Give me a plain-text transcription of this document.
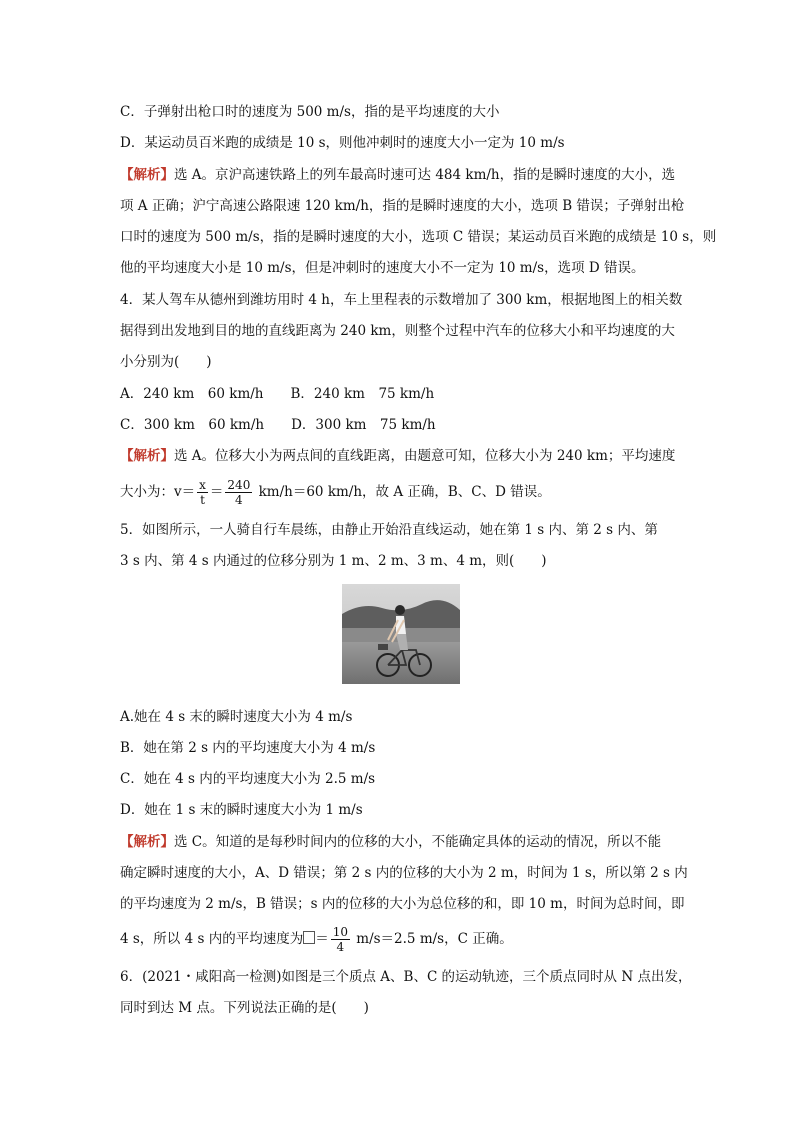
C．子弹射出枪口时的速度为 500 m/s，指的是平均速度的大小
D．某运动员百米跑的成绩是 10 s，则他冲刺时的速度大小一定为 10 m/s
【解析】选 A。京沪高速铁路上的列车最高时速可达 484 km/h，指的是瞬时速度的大小，选
项 A 正确；沪宁高速公路限速 120 km/h，指的是瞬时速度的大小，选项 B 错误；子弹射出枪
口时的速度为 500 m/s，指的是瞬时速度的大小，选项 C 错误；某运动员百米跑的成绩是 10 s，则
他的平均速度大小是 10 m/s，但是冲刺时的速度大小不一定为 10 m/s，选项 D 错误。
4．某人驾车从德州到潍坊用时 4 h，车上里程表的示数增加了 300 km，根据地图上的相关数
据得到出发地到目的地的直线距离为 240 km，则整个过程中汽车的位移大小和平均速度的大
小分别为(　　)
A．240 km　60 km/h　　B．240 km　75 km/h
C．300 km　60 km/h　　D．300 km　75 km/h
【解析】选 A。位移大小为两点间的直线距离，由题意可知，位移大小为 240 km；平均速度
大小为：$v= \frac{x}{t} = \frac{240}{4} km/h=60$ km/h，故 A 正确，B、C、D 错误。
5．如图所示，一人骑自行车晨练，由静止开始沿直线运动，她在第 1 s 内、第 2 s 内、第
3 s 内、第 4 s 内通过的位移分别为 1 m、2 m、3 m、4 m，则(　　)
A.她在 4 s 末的瞬时速度大小为 4 m/s
B．她在第 2 s 内的平均速度大小为 4 m/s
C．她在 4 s 内的平均速度大小为 2.5 m/s
D．她在 1 s 末的瞬时速度大小为 1 m/s
【解析】选 C。知道的是每秒时间内的位移的大小，不能确定具体的运动的情况，所以不能
确定瞬时速度的大小，A、D 错误；第 2 s 内的位移的大小为 2 m，时间为 1 s，所以第 2 s 内
的平均速度为 2 m/s，B 错误；s 内的位移的大小为总位移的和，即 10 m，时间为总时间，即
4 s，所以 4 s 内的平均速度为 ＝ $\frac{10}{4} m/s=2.5$ m/s，C 正确。
6．(2021・咸阳高一检测)如图是三个质点 A、B、C 的运动轨迹，三个质点同时从 N 点出发，
同时到达 M 点。下列说法正确的是(　　)
